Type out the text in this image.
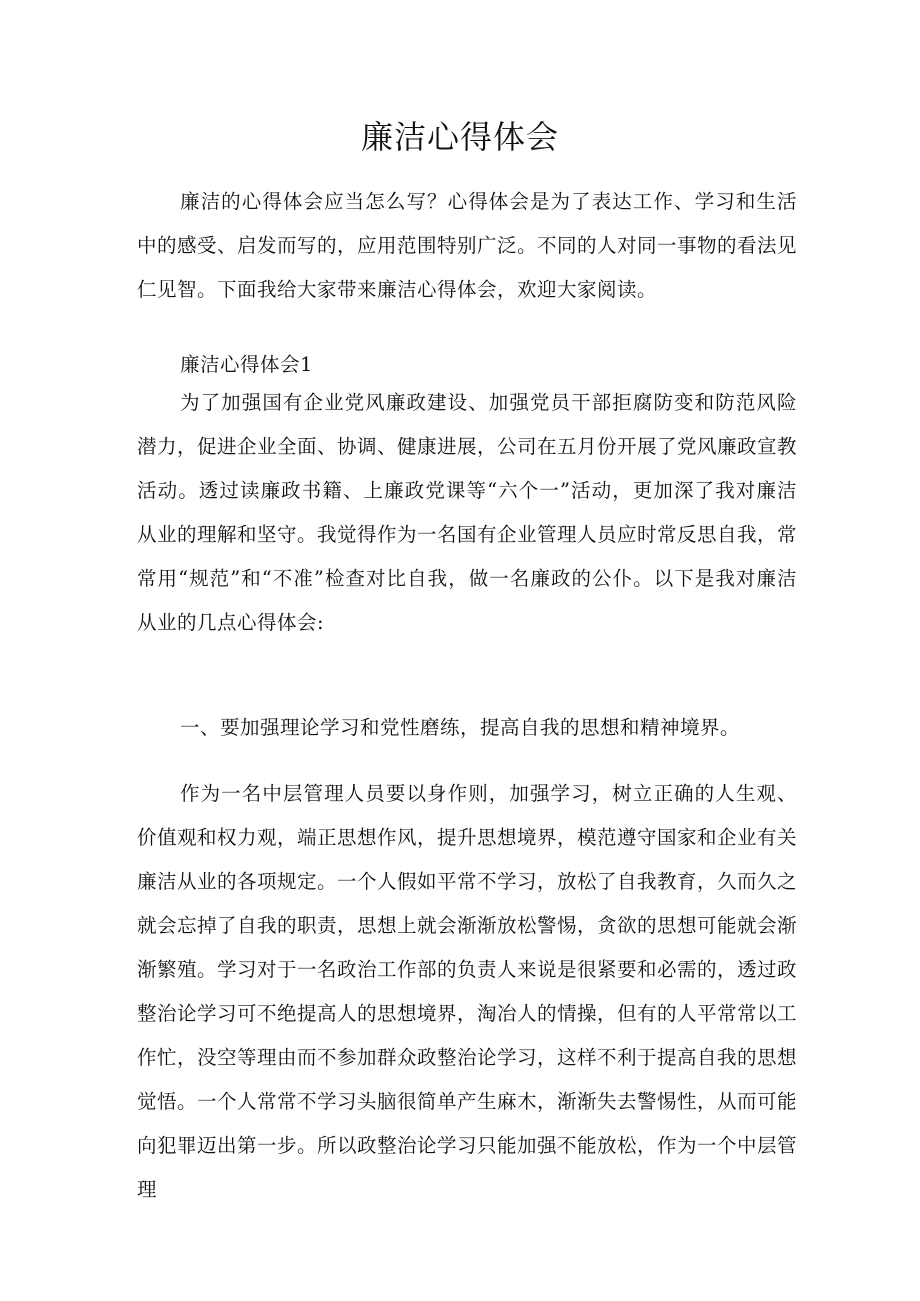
廉洁心得体会

廉洁的心得体会应当怎么写？心得体会是为了表达工作、学习和生活中的感受、启发而写的，应用范围特别广泛。不同的人对同一事物的看法见仁见智。下面我给大家带来廉洁心得体会，欢迎大家阅读。

廉洁心得体会1

为了加强国有企业党风廉政建设、加强党员干部拒腐防变和防范风险潜力，促进企业全面、协调、健康进展，公司在五月份开展了党风廉政宣教活动。透过读廉政书籍、上廉政党课等“六个一”活动，更加深了我对廉洁从业的理解和坚守。我觉得作为一名国有企业管理人员应时常反思自我，常常用“规范”和“不准”检查对比自我，做一名廉政的公仆。以下是我对廉洁从业的几点心得体会:

一、要加强理论学习和党性磨练，提高自我的思想和精神境界。

作为一名中层管理人员要以身作则，加强学习，树立正确的人生观、价值观和权力观，端正思想作风，提升思想境界，模范遵守国家和企业有关廉洁从业的各项规定。一个人假如平常不学习，放松了自我教育，久而久之就会忘掉了自我的职责，思想上就会渐渐放松警惕，贪欲的思想可能就会渐渐繁殖。学习对于一名政治工作部的负责人来说是很紧要和必需的，透过政整治论学习可不绝提高人的思想境界，淘冶人的情操，但有的人平常常以工作忙，没空等理由而不参加群众政整治论学习，这样不利于提高自我的思想觉悟。一个人常常不学习头脑很简单产生麻木，渐渐失去警惕性，从而可能向犯罪迈出第一步。所以政整治论学习只能加强不能放松，作为一个中层管理
